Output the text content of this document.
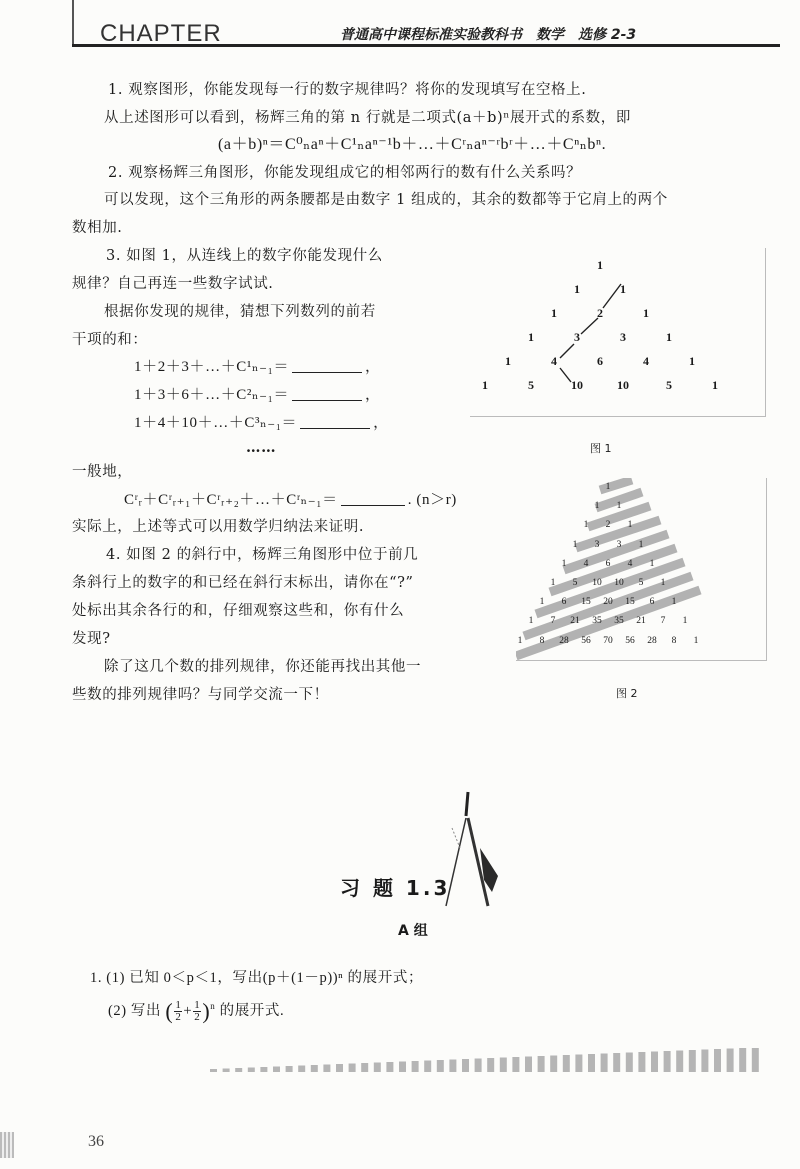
CHAPTER	普通高中课程标准实验教科书　数学　选修 2-3
1. 观察图形，你能发现每一行的数字规律吗？将你的发现填写在空格上.
从上述图形可以看到，杨辉三角的第 n 行就是二项式(a＋b)ⁿ展开式的系数，即
(a＋b)ⁿ＝C⁰ₙaⁿ＋C¹ₙaⁿ⁻¹b＋…＋Cʳₙaⁿ⁻ʳbʳ＋…＋Cⁿₙbⁿ.
2. 观察杨辉三角图形，你能发现组成它的相邻两行的数有什么关系吗？
可以发现，这个三角形的两条腰都是由数字 1 组成的，其余的数都等于它肩上的两个
数相加.
3. 如图 1，从连线上的数字你能发现什么
规律？自己再连一些数字试试.
根据你发现的规律，猜想下列数列的前若
干项的和：
1＋2＋3＋…＋C¹ₙ₋₁＝	，
1＋3＋6＋…＋C²ₙ₋₁＝	，
1＋4＋10＋…＋C³ₙ₋₁＝	，
……
一般地，
Cʳᵣ＋Cʳᵣ₊₁＋Cʳᵣ₊₂＋…＋Cʳₙ₋₁＝	. (n＞r)
实际上，上述等式可以用数学归纳法来证明.
4. 如图 2 的斜行中，杨辉三角图形中位于前几
条斜行上的数字的和已经在斜行末标出，请你在“?”
处标出其余各行的和，仔细观察这些和，你有什么
发现?
除了这几个数的排列规律，你还能再找出其他一
些数的排列规律吗？与同学交流一下！
1
1	1
1	2	1
1	3	3	1
1	4	6	4	1
1	5	10	10	5	1
图 1
1
1 1
1 2 1
1 3 3 1
1 4 6 4 1
1 5 10 10 5 1
1 6 15 20 15 6 1
1 7 21 35 35 21 7 1
1 8 28 56 70 56 28 8 1
图 2
习 题 1.3
A 组
1. (1) 已知 0＜p＜1，写出(p＋(1－p))ⁿ 的展开式；
(2) 写出 ( $\frac{1}{2} + \frac{1}{2} )^n$ 的展开式.
36
